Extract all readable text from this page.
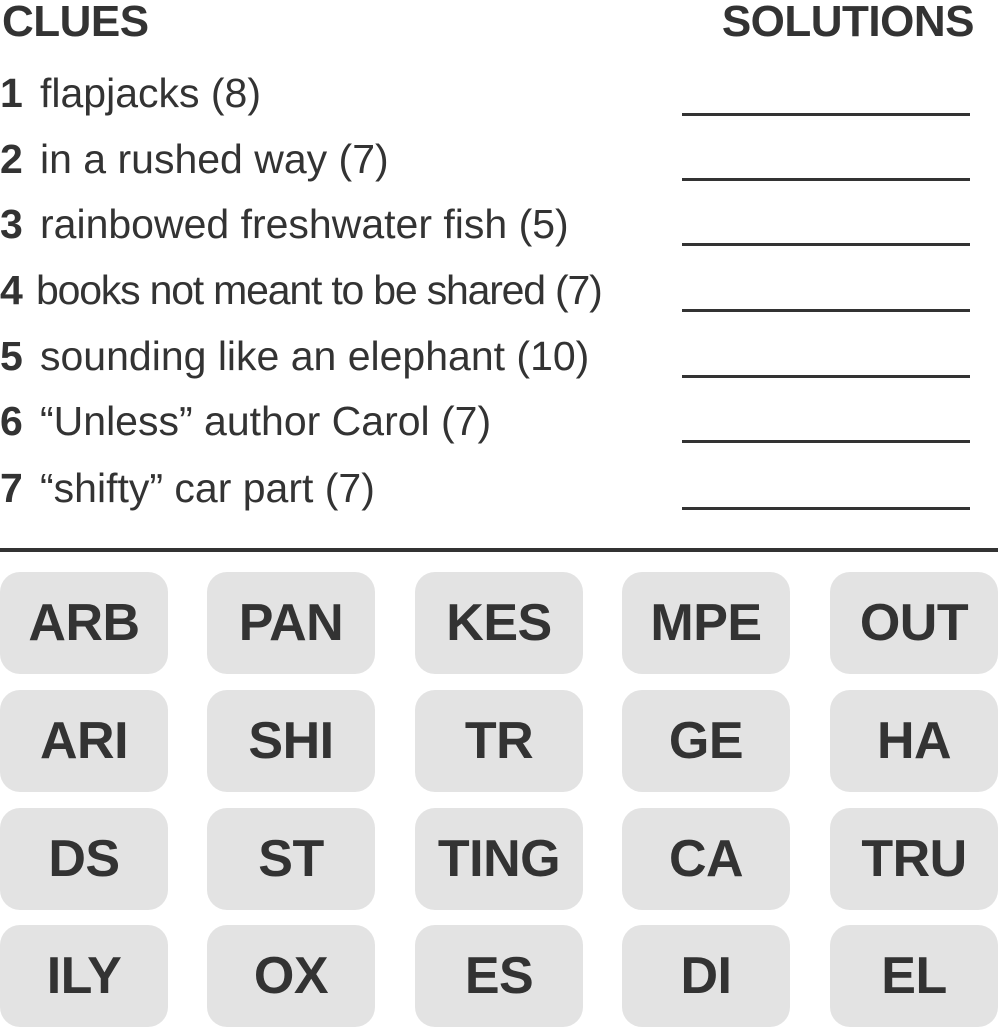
CLUES	SOLUTIONS
1 flapjacks (8)
2 in a rushed way (7)
3 rainbowed freshwater fish (5)
4 books not meant to be shared (7)
5 sounding like an elephant (10)
6 “Unless” author Carol (7)
7 “shifty” car part (7)
ARB	PAN	KES	MPE	OUT
ARI	SHI	TR	GE	HA
DS	ST	TING	CA	TRU
ILY	OX	ES	DI	EL
